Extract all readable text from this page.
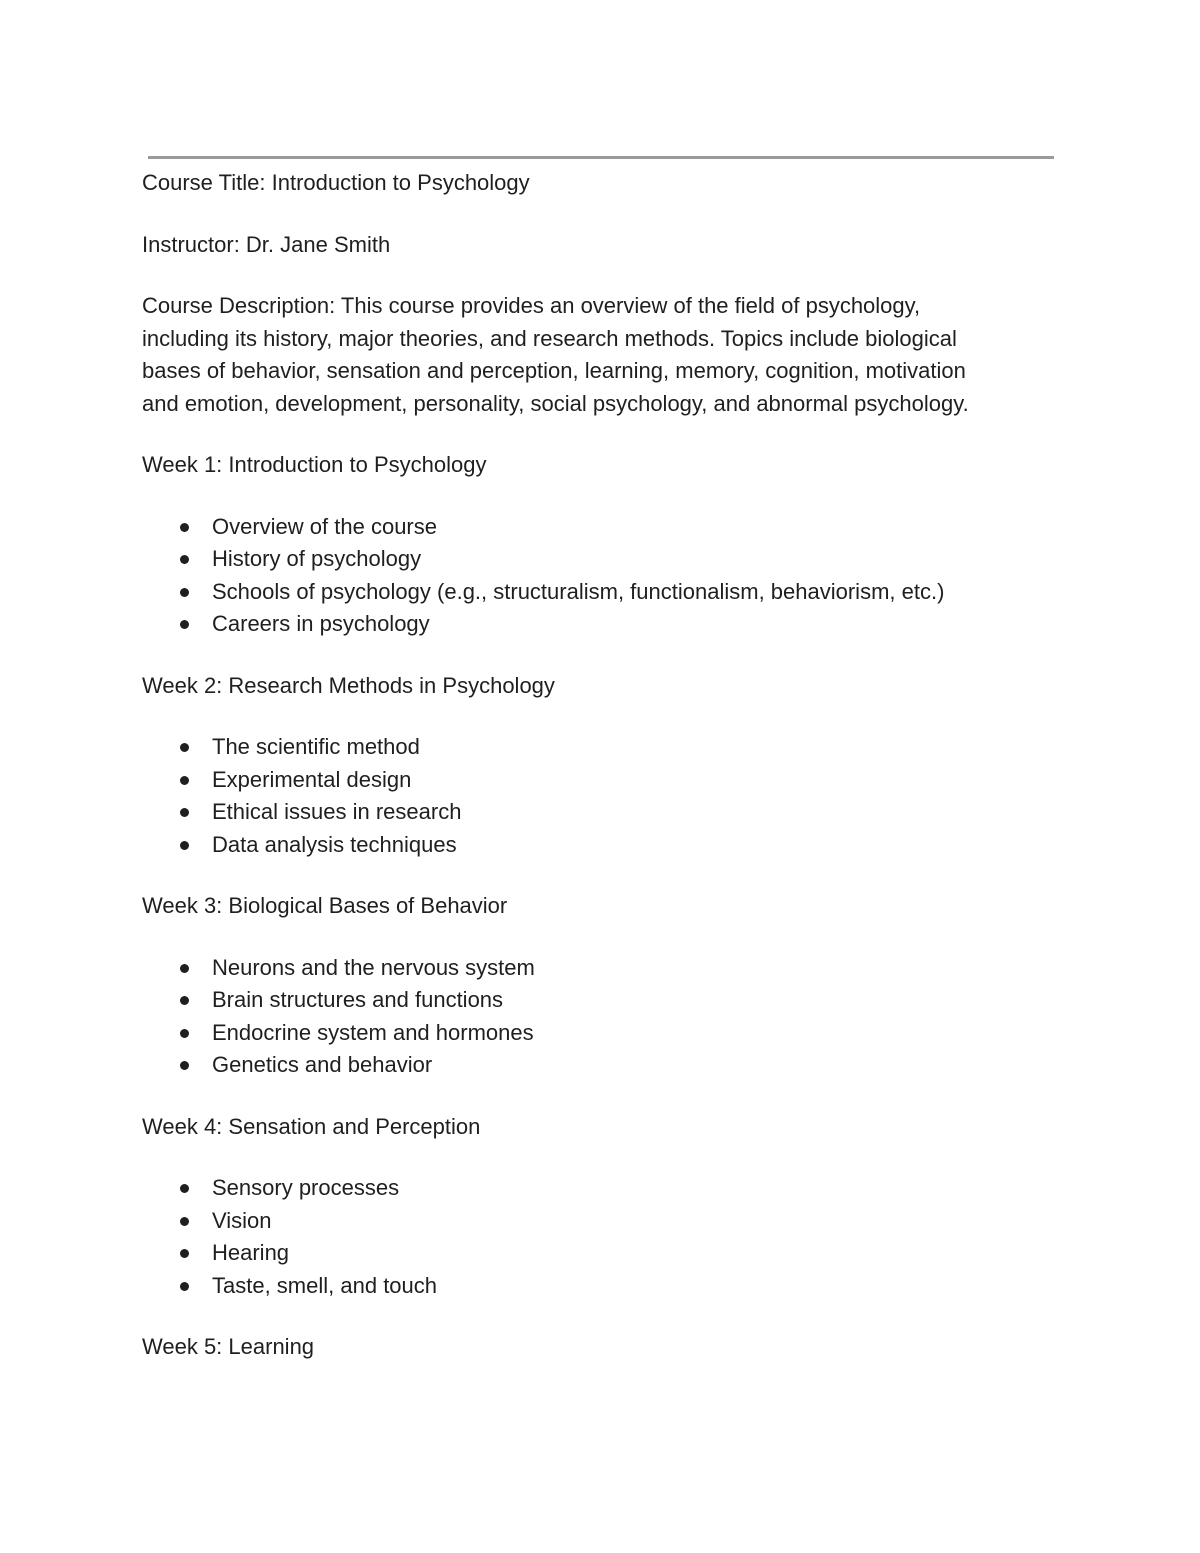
Course Title: Introduction to Psychology

Instructor: Dr. Jane Smith

Course Description: This course provides an overview of the field of psychology,
including its history, major theories, and research methods. Topics include biological
bases of behavior, sensation and perception, learning, memory, cognition, motivation
and emotion, development, personality, social psychology, and abnormal psychology.

Week 1: Introduction to Psychology

Overview of the course
History of psychology
Schools of psychology (e.g., structuralism, functionalism, behaviorism, etc.)
Careers in psychology

Week 2: Research Methods in Psychology

The scientific method
Experimental design
Ethical issues in research
Data analysis techniques

Week 3: Biological Bases of Behavior

Neurons and the nervous system
Brain structures and functions
Endocrine system and hormones
Genetics and behavior

Week 4: Sensation and Perception

Sensory processes
Vision
Hearing
Taste, smell, and touch

Week 5: Learning
